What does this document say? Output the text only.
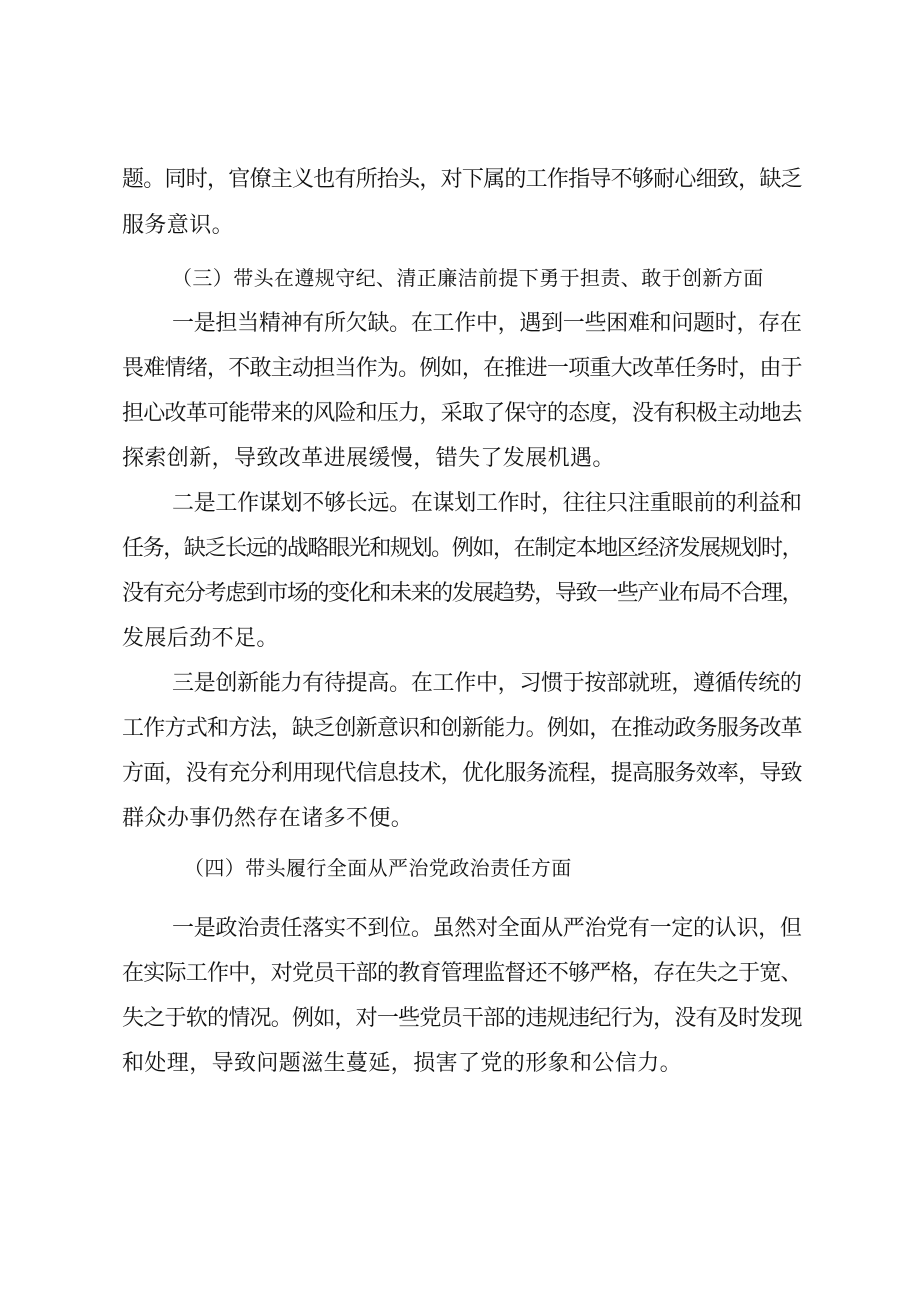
题。同时，官僚主义也有所抬头，对下属的工作指导不够耐心细致，缺乏
服务意识。
（三）带头在遵规守纪、清正廉洁前提下勇于担责、敢于创新方面
一是担当精神有所欠缺。在工作中，遇到一些困难和问题时，存在
畏难情绪，不敢主动担当作为。例如，在推进一项重大改革任务时，由于
担心改革可能带来的风险和压力，采取了保守的态度，没有积极主动地去
探索创新，导致改革进展缓慢，错失了发展机遇。
二是工作谋划不够长远。在谋划工作时，往往只注重眼前的利益和
任务，缺乏长远的战略眼光和规划。例如，在制定本地区经济发展规划时，
没有充分考虑到市场的变化和未来的发展趋势，导致一些产业布局不合理，
发展后劲不足。
三是创新能力有待提高。在工作中，习惯于按部就班，遵循传统的
工作方式和方法，缺乏创新意识和创新能力。例如，在推动政务服务改革
方面，没有充分利用现代信息技术，优化服务流程，提高服务效率，导致
群众办事仍然存在诸多不便。
（四）带头履行全面从严治党政治责任方面
一是政治责任落实不到位。虽然对全面从严治党有一定的认识，但
在实际工作中，对党员干部的教育管理监督还不够严格，存在失之于宽、
失之于软的情况。例如，对一些党员干部的违规违纪行为，没有及时发现
和处理，导致问题滋生蔓延，损害了党的形象和公信力。
